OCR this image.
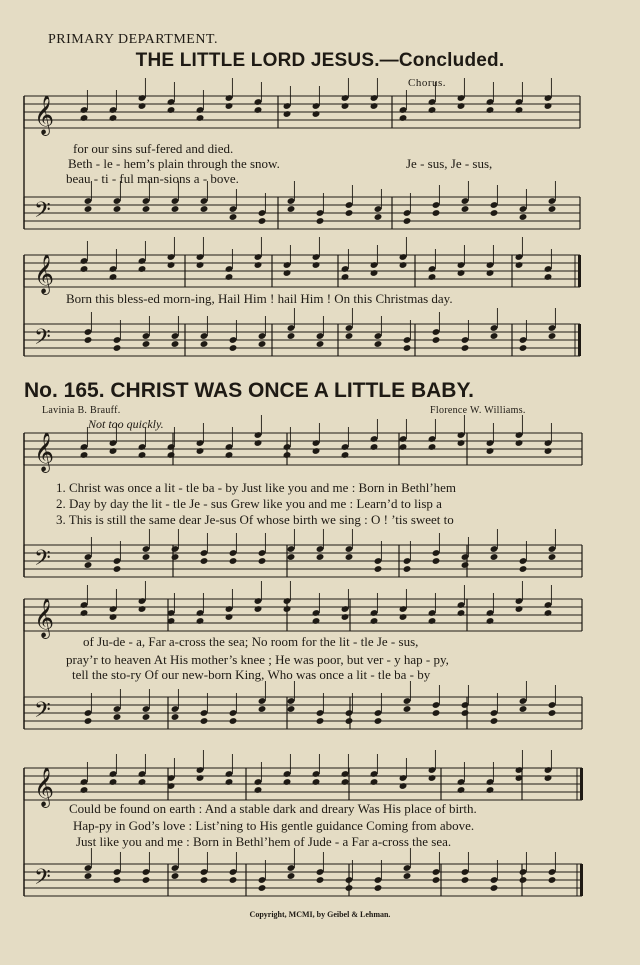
𝄞
𝄢
𝄞
𝄢
𝄞
𝄢
𝄞
𝄢
𝄞
𝄢
PRIMARY DEPARTMENT.
THE LITTLE LORD JESUS.—Concluded.
Chorus.
for our sins suf-fered and died.
Beth - le - hem’s plain through the snow.
beau - ti - ful man-sions a - bove.
Je - sus, Je - sus,
Born this bless-ed morn-ing, Hail Him ! hail Him ! On this Christmas day.
No. 165. CHRIST WAS ONCE A LITTLE BABY.
Lavinia B. Brauff.	Florence W. Williams.
Not too quickly.
1. Christ was once a lit - tle ba - by Just like you and me : Born in Bethl’hem
2. Day by day the lit - tle Je - sus Grew like you and me : Learn’d to lisp a
3. This is still the same dear Je-sus Of whose birth we sing : O ! ’tis sweet to
of Ju-de - a, Far a-cross the sea; No room for the lit - tle Je - sus,
pray’r to heaven At His mother’s knee ; He was poor, but ver - y hap - py,
tell the sto-ry Of our new-born King, Who was once a lit - tle ba - by
Could be found on earth : And a stable dark and dreary Was His place of birth.
Hap-py in God’s love : List’ning to His gentle guidance Coming from above.
Just like you and me : Born in Bethl’hem of Jude - a Far a-cross the sea.
Copyright, MCMI, by Geibel & Lehman.
